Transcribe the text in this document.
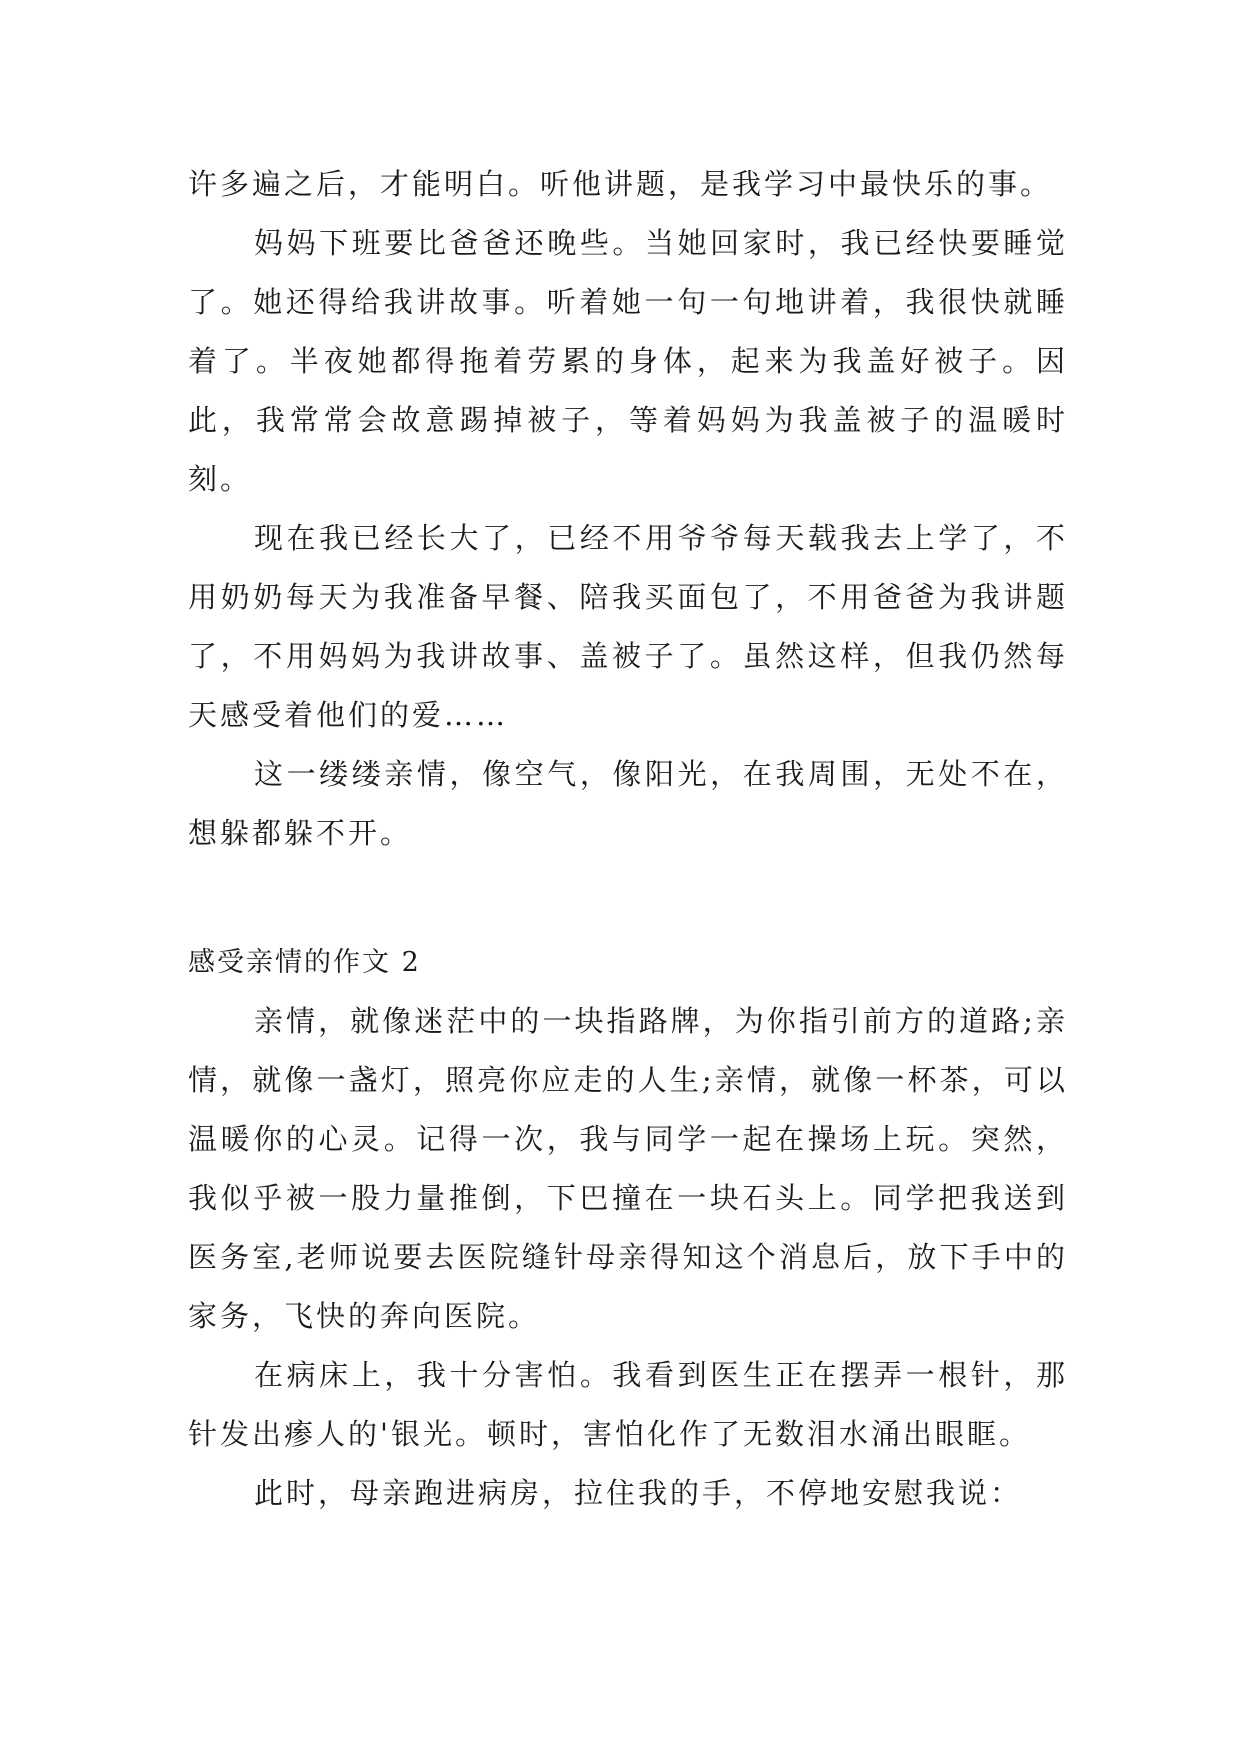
许多遍之后，才能明白。听他讲题，是我学习中最快乐的事。

妈妈下班要比爸爸还晚些。当她回家时，我已经快要睡觉了。她还得给我讲故事。听着她一句一句地讲着，我很快就睡着了。半夜她都得拖着劳累的身体，起来为我盖好被子。因此，我常常会故意踢掉被子，等着妈妈为我盖被子的温暖时刻。

现在我已经长大了，已经不用爷爷每天载我去上学了，不用奶奶每天为我准备早餐、陪我买面包了，不用爸爸为我讲题了，不用妈妈为我讲故事、盖被子了。虽然这样，但我仍然每天感受着他们的爱……

这一缕缕亲情，像空气，像阳光，在我周围，无处不在，想躲都躲不开。

感受亲情的作文 2

亲情，就像迷茫中的一块指路牌，为你指引前方的道路;亲情，就像一盏灯，照亮你应走的人生;亲情，就像一杯茶，可以温暖你的心灵。记得一次，我与同学一起在操场上玩。突然，我似乎被一股力量推倒，下巴撞在一块石头上。同学把我送到医务室,老师说要去医院缝针母亲得知这个消息后，放下手中的家务，飞快的奔向医院。

在病床上，我十分害怕。我看到医生正在摆弄一根针，那针发出瘆人的'银光。顿时，害怕化作了无数泪水涌出眼眶。

此时，母亲跑进病房，拉住我的手，不停地安慰我说：
